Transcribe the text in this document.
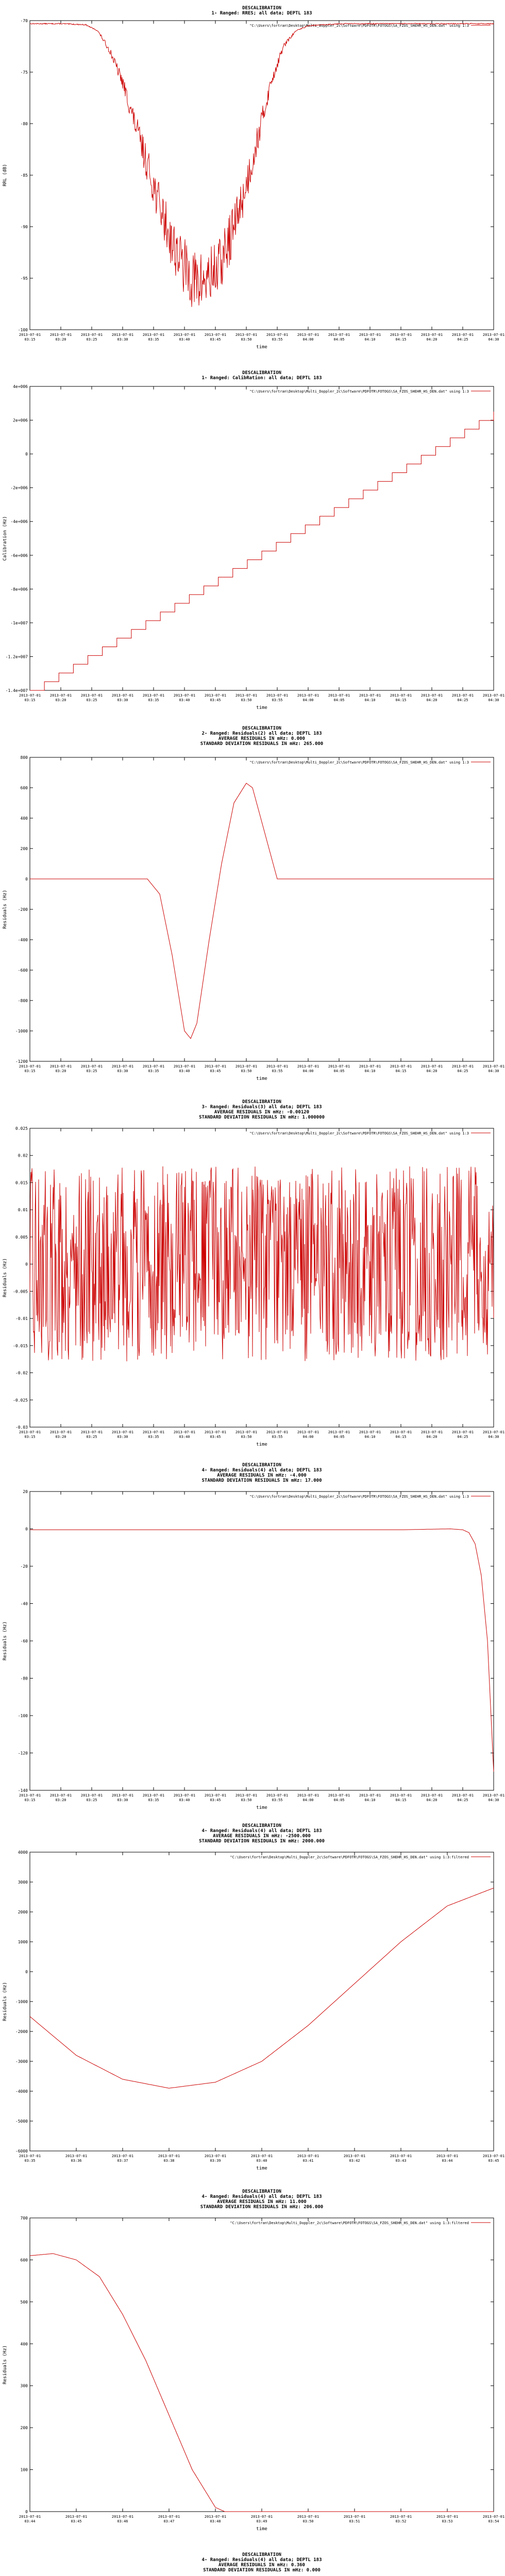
DESCALIBRATION
1- Ranged: RRES; all data; DEPTL 183
"C:\Users\fortran\Desktop\Multi_Doppler_2c\Software\PDFOTR\FOTOGS\SA_FZOS_SHEHR_HS_DEN.dat" using 1:3
-70
-75
-80
-85
-90
-95
-100
2013-07-01
03:15
2013-07-01
03:20
2013-07-01
03:25
2013-07-01
03:30
2013-07-01
03:35
2013-07-01
03:40
2013-07-01
03:45
2013-07-01
03:50
2013-07-01
03:55
2013-07-01
04:00
2013-07-01
04:05
2013-07-01
04:10
2013-07-01
04:15
2013-07-01
04:20
2013-07-01
04:25
2013-07-01
04:30
time
RRL (dB)
DESCALIBRATION
1- Ranged: CalibRation: all data; DEPTL 183
"C:\Users\fortran\Desktop\Multi_Doppler_2c\Software\PDFOTR\FOTOGS\SA_FZOS_SHEHR_HS_DEN.dat" using 1:3
4e+006
2e+006
0
-2e+006
-4e+006
-6e+006
-8e+006
-1e+007
-1.2e+007
-1.4e+007
2013-07-01
03:15
2013-07-01
03:20
2013-07-01
03:25
2013-07-01
03:30
2013-07-01
03:35
2013-07-01
03:40
2013-07-01
03:45
2013-07-01
03:50
2013-07-01
03:55
2013-07-01
04:00
2013-07-01
04:05
2013-07-01
04:10
2013-07-01
04:15
2013-07-01
04:20
2013-07-01
04:25
2013-07-01
04:30
time
Calibration (Hz)
DESCALIBRATION
2- Ranged: Residuals(2) all data; DEPTL 183
AVERAGE RESIDUALS IN mHz: 0.000
STANDARD DEVIATION RESIDUALS IN mHz: 265.000
"C:\Users\fortran\Desktop\Multi_Doppler_2c\Software\PDFOTR\FOTOGS\SA_FZOS_SHEHR_HS_DEN.dat" using 1:3
800
600
400
200
0
-200
-400
-600
-800
-1000
-1200
2013-07-01
03:15
2013-07-01
03:20
2013-07-01
03:25
2013-07-01
03:30
2013-07-01
03:35
2013-07-01
03:40
2013-07-01
03:45
2013-07-01
03:50
2013-07-01
03:55
2013-07-01
04:00
2013-07-01
04:05
2013-07-01
04:10
2013-07-01
04:15
2013-07-01
04:20
2013-07-01
04:25
2013-07-01
04:30
time
Residuals (Hz)
DESCALIBRATION
3- Ranged: Residuals(3) all data; DEPTL 183
AVERAGE RESIDUALS IN mHz: -0.00120
STANDARD DEVIATION RESIDUALS IN mHz: 1.000000
"C:\Users\fortran\Desktop\Multi_Doppler_2c\Software\PDFOTR\FOTOGS\SA_FZOS_SHEHR_HS_DEN.dat" using 1:3
0.025
0.02
0.015
0.01
0.005
0
-0.005
-0.01
-0.015
-0.02
-0.025
-0.03
2013-07-01
03:15
2013-07-01
03:20
2013-07-01
03:25
2013-07-01
03:30
2013-07-01
03:35
2013-07-01
03:40
2013-07-01
03:45
2013-07-01
03:50
2013-07-01
03:55
2013-07-01
04:00
2013-07-01
04:05
2013-07-01
04:10
2013-07-01
04:15
2013-07-01
04:20
2013-07-01
04:25
2013-07-01
04:30
time
Residuals (Hz)
DESCALIBRATION
4- Ranged: Residuals(4) all data; DEPTL 183
AVERAGE RESIDUALS IN mHz: -4.000
STANDARD DEVIATION RESIDUALS IN mHz: 17.000
"C:\Users\fortran\Desktop\Multi_Doppler_2c\Software\PDFOTR\FOTOGS\SA_FZOS_SHEHR_HS_DEN.dat" using 1:3
20
0
-20
-40
-60
-80
-100
-120
-140
2013-07-01
03:15
2013-07-01
03:20
2013-07-01
03:25
2013-07-01
03:30
2013-07-01
03:35
2013-07-01
03:40
2013-07-01
03:45
2013-07-01
03:50
2013-07-01
03:55
2013-07-01
04:00
2013-07-01
04:05
2013-07-01
04:10
2013-07-01
04:15
2013-07-01
04:20
2013-07-01
04:25
2013-07-01
04:30
time
Residuals (Hz)
DESCALIBRATION
4- Ranged: Residuals(4) all data; DEPTL 183
AVERAGE RESIDUALS IN mHz: -2500.000
STANDARD DEVIATION RESIDUALS IN mHz: 2000.000
"C:\Users\fortran\Desktop\Multi_Doppler_2c\Software\PDFOTR\FOTOGS\SA_FZOS_SHEHR_HS_DEN.dat" using 1:3:filtered
4000
3000
2000
1000
0
-1000
-2000
-3000
-4000
-5000
-6000
2013-07-01
03:35
2013-07-01
03:36
2013-07-01
03:37
2013-07-01
03:38
2013-07-01
03:39
2013-07-01
03:40
2013-07-01
03:41
2013-07-01
03:42
2013-07-01
03:43
2013-07-01
03:44
2013-07-01
03:45
time
Residuals (Hz)
DESCALIBRATION
4- Ranged: Residuals(4) all data; DEPTL 183
AVERAGE RESIDUALS IN mHz: 11.000
STANDARD DEVIATION RESIDUALS IN mHz: 206.000
"C:\Users\fortran\Desktop\Multi_Doppler_2c\Software\PDFOTR\FOTOGS\SA_FZOS_SHEHR_HS_DEN.dat" using 1:3:filtered
700
600
500
400
300
200
100
0
2013-07-01
03:44
2013-07-01
03:45
2013-07-01
03:46
2013-07-01
03:47
2013-07-01
03:48
2013-07-01
03:49
2013-07-01
03:50
2013-07-01
03:51
2013-07-01
03:52
2013-07-01
03:53
2013-07-01
03:54
time
Residuals (Hz)
DESCALIBRATION
4- Ranged: Residuals(4) all data; DEPTL 183
AVERAGE RESIDUALS IN mHz: 0.360
STANDARD DEVIATION RESIDUALS IN mHz: 0.000
